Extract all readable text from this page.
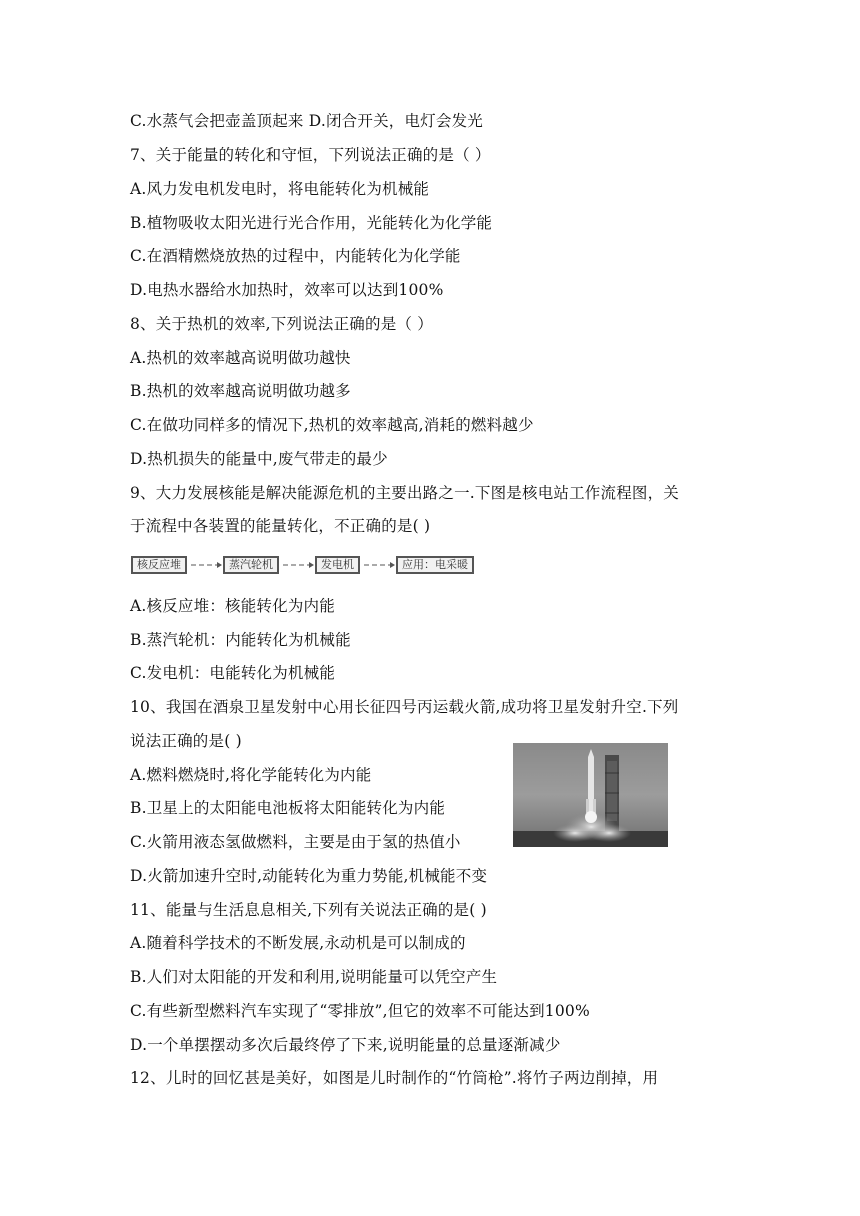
C.水蒸气会把壶盖顶起来 D.闭合开关，电灯会发光
7、关于能量的转化和守恒，下列说法正确的是（ ）
A.风力发电机发电时，将电能转化为机械能
B.植物吸收太阳光进行光合作用，光能转化为化学能
C.在酒精燃烧放热的过程中，内能转化为化学能
D.电热水器给水加热时，效率可以达到100%
8、关于热机的效率,下列说法正确的是（ ）
A.热机的效率越高说明做功越快
B.热机的效率越高说明做功越多
C.在做功同样多的情况下,热机的效率越高,消耗的燃料越少
D.热机损失的能量中,废气带走的最少
9、大力发展核能是解决能源危机的主要出路之一.下图是核电站工作流程图，关
于流程中各装置的能量转化，不正确的是( )
核反应堆	蒸汽轮机	发电机	应用：电采暖
A.核反应堆：核能转化为内能
B.蒸汽轮机：内能转化为机械能
C.发电机：电能转化为机械能
10、我国在酒泉卫星发射中心用长征四号丙运载火箭,成功将卫星发射升空.下列
说法正确的是( )
A.燃料燃烧时,将化学能转化为内能
B.卫星上的太阳能电池板将太阳能转化为内能
C.火箭用液态氢做燃料，主要是由于氢的热值小
D.火箭加速升空时,动能转化为重力势能,机械能不变
11、能量与生活息息相关,下列有关说法正确的是( )
A.随着科学技术的不断发展,永动机是可以制成的
B.人们对太阳能的开发和利用,说明能量可以凭空产生
C.有些新型燃料汽车实现了“零排放”,但它的效率不可能达到100%
D.一个单摆摆动多次后最终停了下来,说明能量的总量逐渐减少
12、儿时的回忆甚是美好，如图是儿时制作的“竹筒枪”.将竹子两边削掉，用
